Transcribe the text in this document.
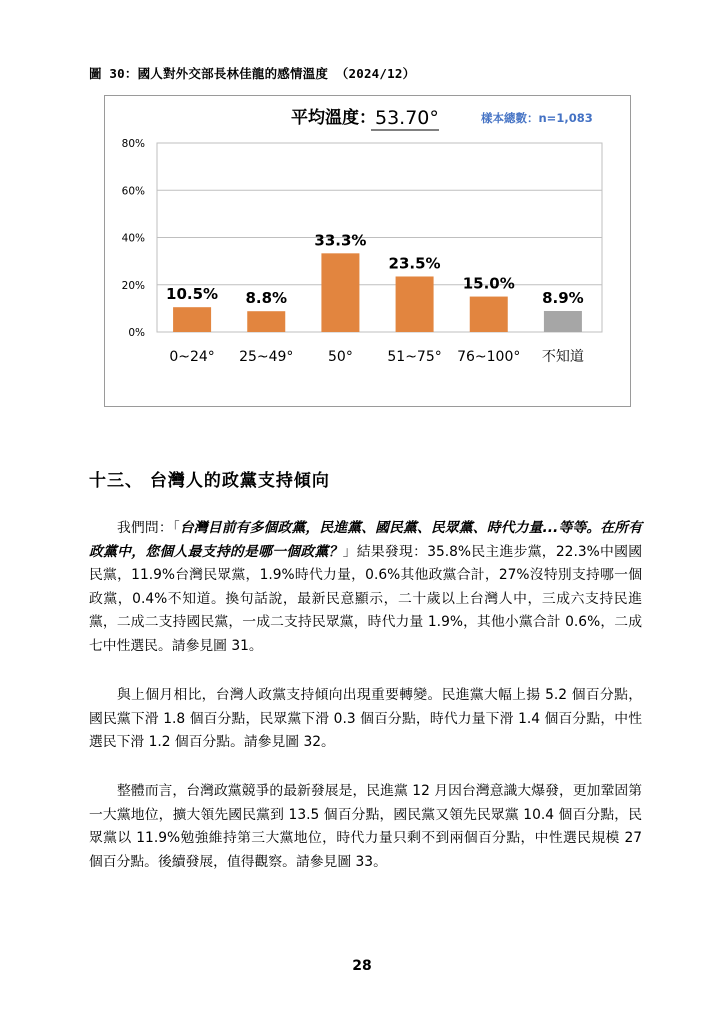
圖 30：國人對外交部長林佳龍的感情溫度 （2024/12）
0%
20%
40%
60%
80%
平均溫度： 53.70°	樣本總數：n=1,083
10.5%
0~24°
8.8%
25~49°
33.3%
50°
23.5%
51~75°
15.0%
76~100°
8.9%
不知道
十三、 台灣人的政黨支持傾向

我們問：「台灣目前有多個政黨，民進黨、國民黨、民眾黨、時代力量...等等。在所有政黨中，您個人最支持的是哪一個政黨？」結果發現：35.8%民主進步黨，22.3%中國國民黨，11.9%台灣民眾黨，1.9%時代力量，0.6%其他政黨合計，27%沒特別支持哪一個政黨，0.4%不知道。換句話說，最新民意顯示，二十歲以上台灣人中，三成六支持民進黨，二成二支持國民黨，一成二支持民眾黨，時代力量 1.9%，其他小黨合計 0.6%，二成七中性選民。請參見圖 31。

與上個月相比，台灣人政黨支持傾向出現重要轉變。民進黨大幅上揚 5.2 個百分點，國民黨下滑 1.8 個百分點，民眾黨下滑 0.3 個百分點，時代力量下滑 1.4 個百分點，中性選民下滑 1.2 個百分點。請參見圖 32。

整體而言，台灣政黨競爭的最新發展是，民進黨 12 月因台灣意識大爆發，更加鞏固第一大黨地位，擴大領先國民黨到 13.5 個百分點，國民黨又領先民眾黨 10.4 個百分點，民眾黨以 11.9%勉強維持第三大黨地位，時代力量只剩不到兩個百分點，中性選民規模 27 個百分點。後續發展，值得觀察。請參見圖 33。

28
